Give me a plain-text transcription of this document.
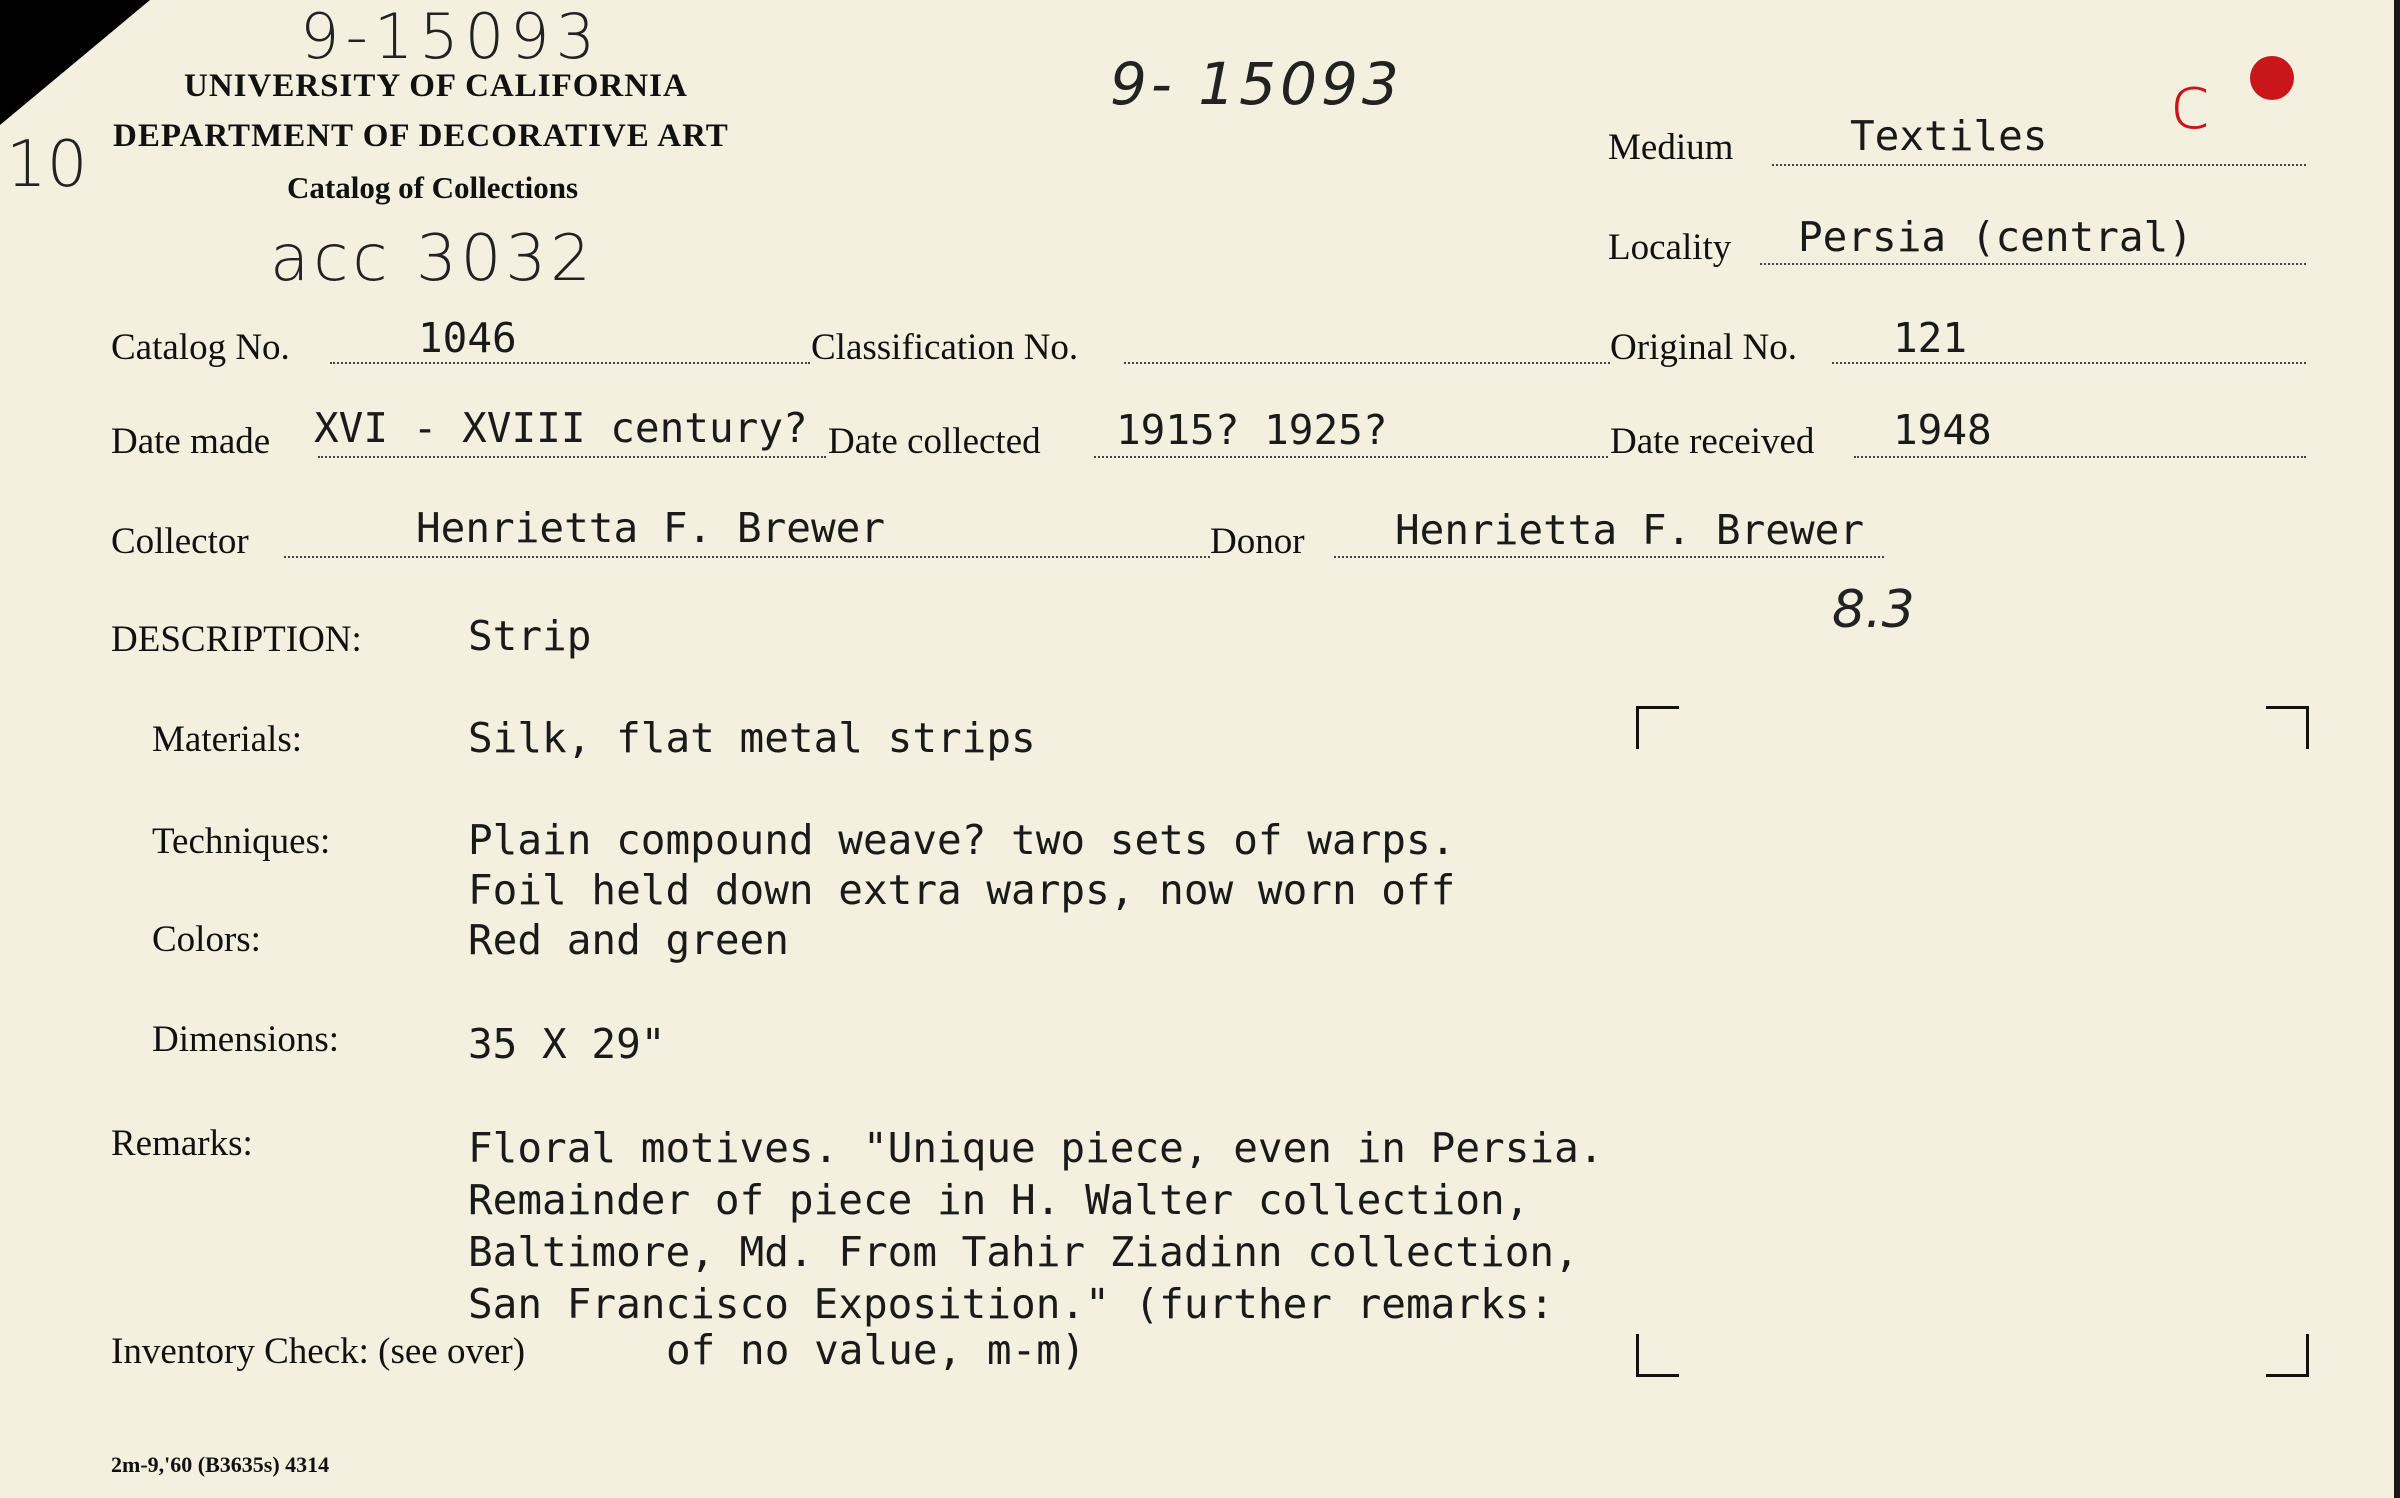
9-15093
9- 15093
10
acc 3032
8.3
c
UNIVERSITY OF CALIFORNIA
DEPARTMENT OF DECORATIVE ART
Catalog of Collections
Medium	Textiles
Locality Persia (central)
Catalog No.	1046	Classification No.	Original No. 121
Date made XVI - XVIII century? Date collected 1915? 1925?	Date received 1948
Collector	Henrietta F. Brewer	Donor Henrietta F. Brewer
DESCRIPTION:	Strip
Materials:	Silk, flat metal strips
Techniques:	Plain compound weave? two sets of warps.
Foil held down extra warps, now worn off
Colors:	Red and green
Dimensions:	35 X 29"
Remarks:	Floral motives. "Unique piece, even in Persia.
Remainder of piece in H. Walter collection,
Baltimore, Md. From Tahir Ziadinn collection,
San Francisco Exposition." (further remarks:
of no value, m-m)
Inventory Check: (see over)
2m-9,'60 (B3635s) 4314
